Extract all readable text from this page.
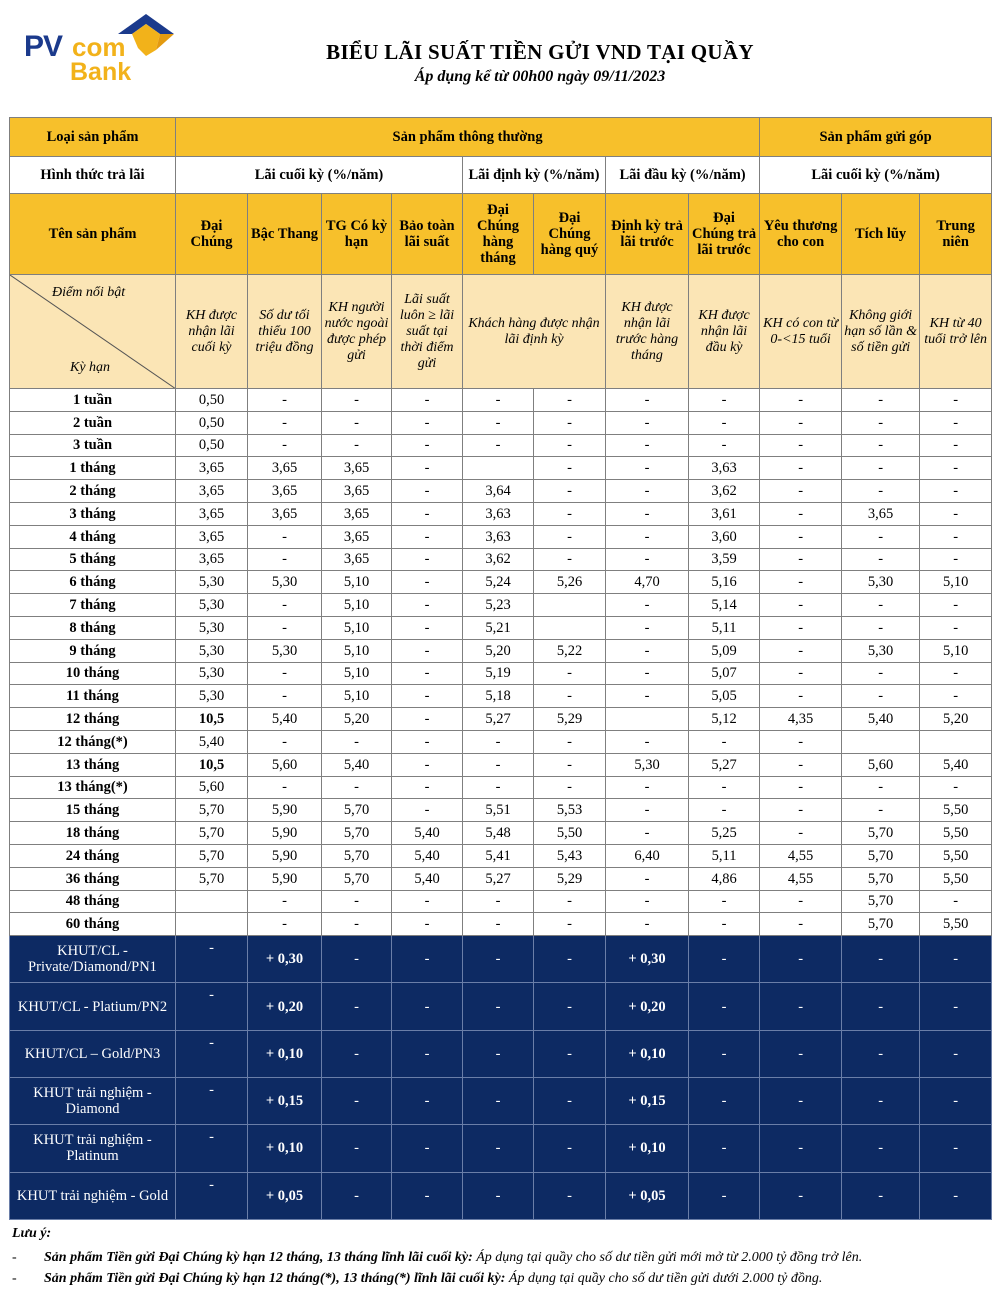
PV com
Bank
BIỂU LÃI SUẤT TIỀN GỬI VND TẠI QUẦY
Áp dụng kể từ 00h00 ngày 09/11/2023
Loại sản phẩm	Sản phẩm thông thường								Sản phẩm gửi góp		
Hình thức trả lãi	Lãi cuối kỳ (%/năm)				Lãi định kỳ (%/năm)		Lãi đầu kỳ (%/năm)		Lãi cuối kỳ (%/năm)		
Tên sản phẩm	Đại Chúng	Bậc Thang	TG Có kỳ hạn	Bảo toàn lãi suất	Đại Chúng hàng tháng	Đại Chúng hàng quý	Định kỳ trả lãi trước	Đại Chúng trả lãi trước	Yêu thương cho con	Tích lũy	Trung niên

Điểm nổi bật
Kỳ hạn	KH được nhận lãi cuối kỳ	Số dư tối thiểu 100 triệu đồng	KH người nước ngoài được phép gửi	Lãi suất luôn ≥ lãi suất tại thời điểm gửi	Khách hàng được nhận lãi định kỳ		KH được nhận lãi trước hàng tháng	KH được nhận lãi đầu kỳ	KH có con từ 0-<15 tuổi	Không giới hạn số lần & số tiền gửi	KH từ 40 tuổi trở lên
1 tuần	0,50	-	-	-	-	-	-	-	-	-	-
2 tuần	0,50	-	-	-	-	-	-	-	-	-	-
3 tuần	0,50	-	-	-	-	-	-	-	-	-	-
1 tháng	3,65	3,65	3,65	-		-	-	3,63	-	-	-
2 tháng	3,65	3,65	3,65	-	3,64	-	-	3,62	-	-	-
3 tháng	3,65	3,65	3,65	-	3,63	-	-	3,61	-	3,65	-
4 tháng	3,65	-	3,65	-	3,63	-	-	3,60	-	-	-
5 tháng	3,65	-	3,65	-	3,62	-	-	3,59	-	-	-
6 tháng	5,30	5,30	5,10	-	5,24	5,26	4,70	5,16	-	5,30	5,10
7 tháng	5,30	-	5,10	-	5,23		-	5,14	-	-	-
8 tháng	5,30	-	5,10	-	5,21		-	5,11	-	-	-
9 tháng	5,30	5,30	5,10	-	5,20	5,22	-	5,09	-	5,30	5,10
10 tháng	5,30	-	5,10	-	5,19	-	-	5,07	-	-	-
11 tháng	5,30	-	5,10	-	5,18	-	-	5,05	-	-	-
12 tháng	10,5	5,40	5,20	-	5,27	5,29		5,12	4,35	5,40	5,20
12 tháng(*)	5,40	-	-	-	-	-	-	-	-		
13 tháng	10,5	5,60	5,40	-	-	-	5,30	5,27	-	5,60	5,40
13 tháng(*)	5,60	-	-	-	-	-	-	-	-	-	-
15 tháng	5,70	5,90	5,70	-	5,51	5,53	-	-	-	-	5,50
18 tháng	5,70	5,90	5,70	5,40	5,48	5,50	-	5,25	-	5,70	5,50
24 tháng	5,70	5,90	5,70	5,40	5,41	5,43	6,40	5,11	4,55	5,70	5,50
36 tháng	5,70	5,90	5,70	5,40	5,27	5,29	-	4,86	4,55	5,70	5,50
48 tháng		-	-	-	-	-	-	-	-	5,70	-
60 tháng		-	-	-	-	-	-	-	-	5,70	5,50
KHUT/CL - Private/Diamond/PN1	-	+ 0,30	-	-	-	-	+ 0,30	-	-	-	-
KHUT/CL - Platium/PN2	-	+ 0,20	-	-	-	-	+ 0,20	-	-	-	-
KHUT/CL – Gold/PN3	-	+ 0,10	-	-	-	-	+ 0,10	-	-	-	-
KHUT trải nghiệm - Diamond	-	+ 0,15	-	-	-	-	+ 0,15	-	-	-	-
KHUT trải nghiệm - Platinum	-	+ 0,10	-	-	-	-	+ 0,10	-	-	-	-
KHUT trải nghiệm - Gold	-	+ 0,05	-	-	-	-	+ 0,05	-	-	-	-
Lưu ý:
- Sản phẩm Tiền gửi Đại Chúng kỳ hạn 12 tháng, 13 tháng lĩnh lãi cuối kỳ: Áp dụng tại quầy cho số dư tiền gửi mới mở từ 2.000 tỷ đồng trở lên.
- Sản phẩm Tiền gửi Đại Chúng kỳ hạn 12 tháng(*), 13 tháng(*) lĩnh lãi cuối kỳ: Áp dụng tại quầy cho số dư tiền gửi dưới 2.000 tỷ đồng.
